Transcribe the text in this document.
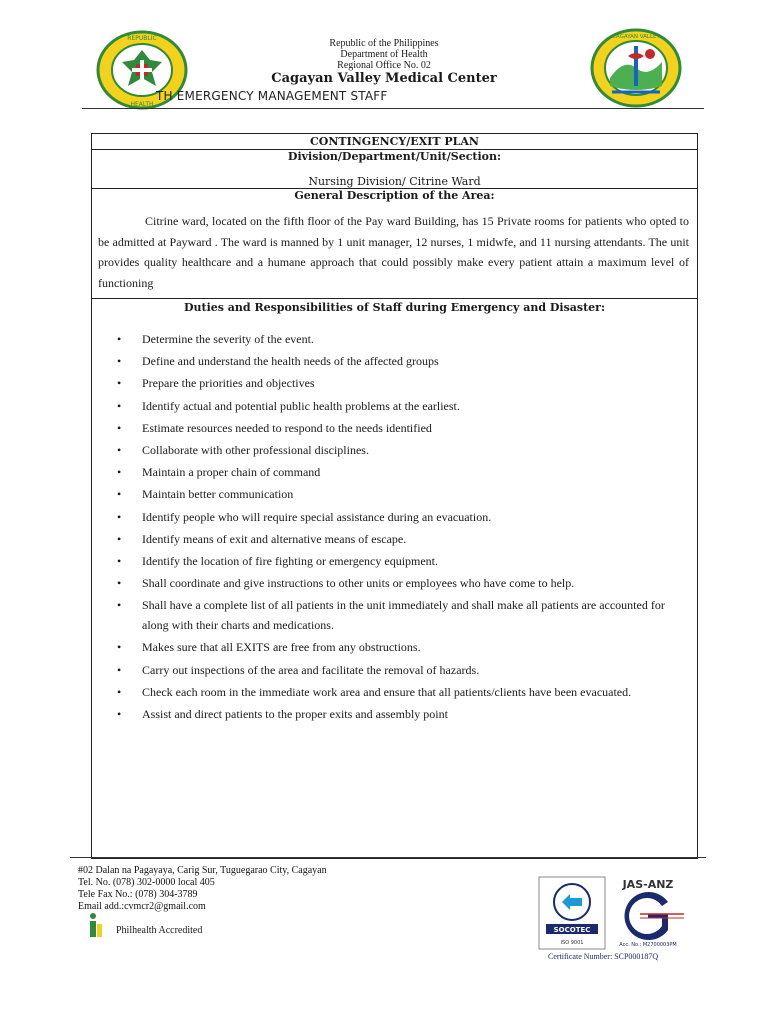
REPUBLIC
HEALTH
Republic of the Philippines
Department of Health
Regional Office No. 02
Cagayan Valley Medical Center
TH EMERGENCY MANAGEMENT STAFF
CAGAYAN VALLEY
CONTINGENCY/EXIT PLAN
Division/Department/Unit/Section:
Nursing Division/ Citrine Ward
General Description of the Area:

Citrine ward, located on the fifth floor of the Pay ward Building, has 15 Private rooms for patients who opted to be admitted at Payward . The ward is manned by 1 unit manager, 12 nurses, 1 midwfe, and 11 nursing attendants. The unit provides quality healthcare and a humane approach that could possibly make every patient attain a maximum level of functioning

Duties and Responsibilities of Staff during Emergency and Disaster:
• Determine the severity of the event.
• Define and understand the health needs of the affected groups
• Prepare the priorities and objectives
• Identify actual and potential public health problems at the earliest.
• Estimate resources needed to respond to the needs identified
• Collaborate with other professional disciplines.
• Maintain a proper chain of command
• Maintain better communication
• Identify people who will require special assistance during an evacuation.
• Identify means of exit and alternative means of escape.
• Identify the location of fire fighting or emergency equipment.
• Shall coordinate and give instructions to other units or employees who have come to help.
• Shall have a complete list of all patients in the unit immediately and shall make all patients are accounted for along with their charts and medications.
• Makes sure that all EXITS are free from any obstructions.
• Carry out inspections of the area and facilitate the removal of hazards.
• Check each room in the immediate work area and ensure that all patients/clients have been evacuated.
• Assist and direct patients to the proper exits and assembly point
#02 Dalan na Pagayaya, Carig Sur, Tuguegarao City, Cagayan
Tel. No. (078) 302-0000 local 405
Tele Fax No.: (078) 304-3789
Email add.:cvmcr2@gmail.com
Philhealth Accredited	SOCOTEC
ISO 9001
JAS-ANZ
Acc. No.: M2700003PM
Certificate Number: SCP000187Q
